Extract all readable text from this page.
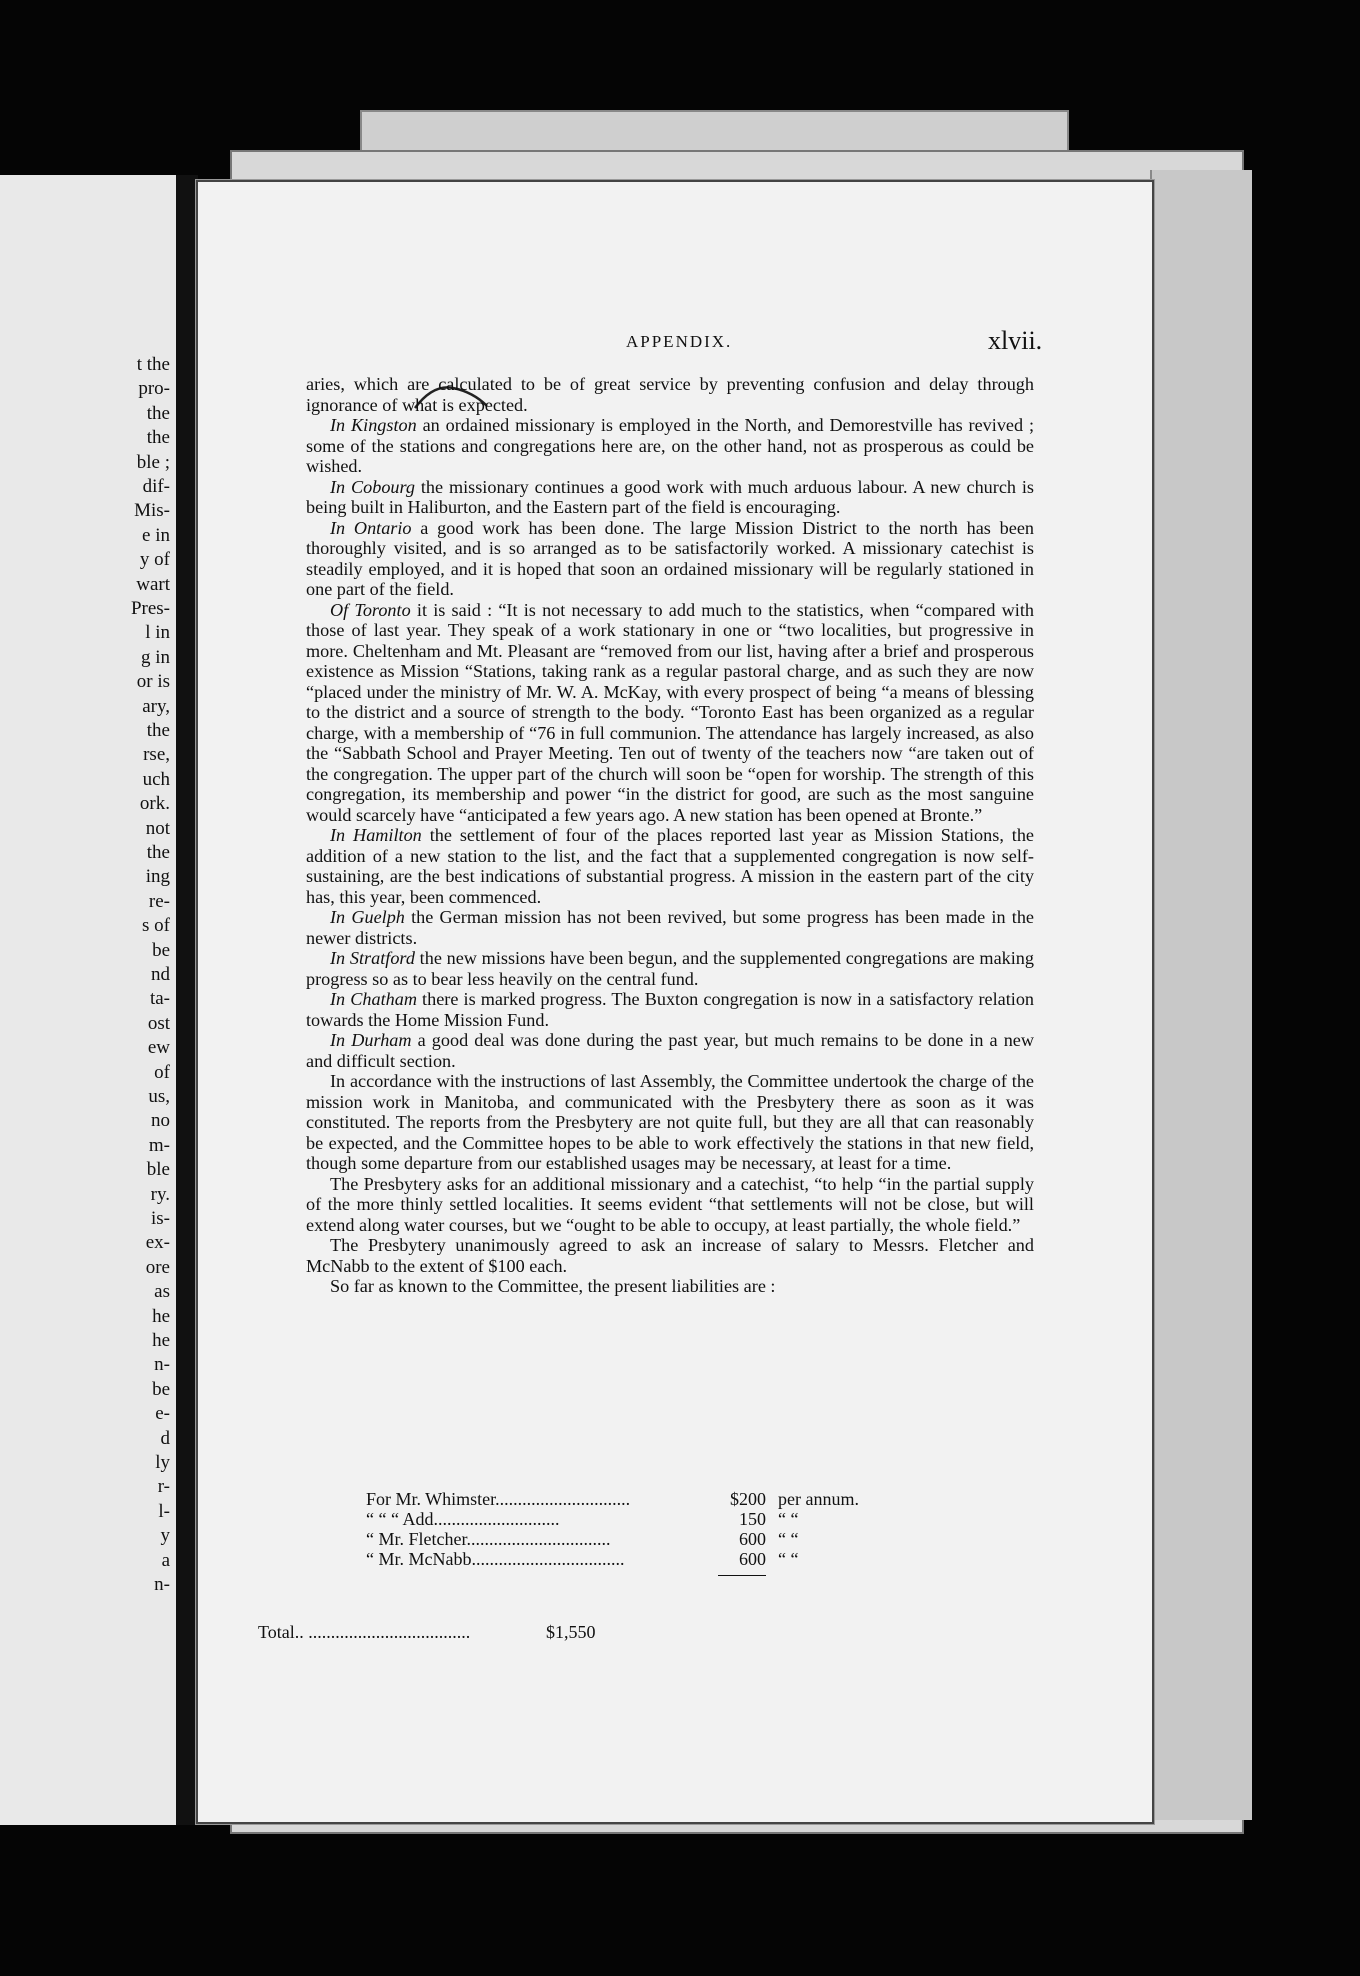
t the
pro-
the
the
ble ;
dif-
Mis-
e in
y of
wart
Pres-
l in
g in
or is
ary,
the
rse,
uch
ork.
not
the
ing
re-
s of
be
nd
ta-
ost
ew
of
us,
no
m-
ble
ry.
is-
ex-
ore
as
he
he
n-
be
e-
d
ly
r-
l-
y
a
n-
APPENDIX.	xlvii.

aries, which are calculated to be of great service by preventing confusion and delay through ignorance of what is expected.

In Kingston an ordained missionary is employed in the North, and Demorestville has revived ; some of the stations and congregations here are, on the other hand, not as prosperous as could be wished.

In Cobourg the missionary continues a good work with much arduous labour. A new church is being built in Haliburton, and the Eastern part of the field is encouraging.

In Ontario a good work has been done. The large Mission District to the north has been thoroughly visited, and is so arranged as to be satisfactorily worked. A missionary catechist is steadily employed, and it is hoped that soon an ordained missionary will be regularly stationed in one part of the field.

Of Toronto it is said : “It is not necessary to add much to the statistics, when “compared with those of last year. They speak of a work stationary in one or “two localities, but progressive in more. Cheltenham and Mt. Pleasant are “removed from our list, having after a brief and prosperous existence as Mission “Stations, taking rank as a regular pastoral charge, and as such they are now “placed under the ministry of Mr. W. A. McKay, with every prospect of being “a means of blessing to the district and a source of strength to the body. “Toronto East has been organized as a regular charge, with a membership of “76 in full communion. The attendance has largely increased, as also the “Sabbath School and Prayer Meeting. Ten out of twenty of the teachers now “are taken out of the congregation. The upper part of the church will soon be “open for worship. The strength of this congregation, its membership and power “in the district for good, are such as the most sanguine would scarcely have “anticipated a few years ago. A new station has been opened at Bronte.”

In Hamilton the settlement of four of the places reported last year as Mission Stations, the addition of a new station to the list, and the fact that a supplemented congregation is now self-sustaining, are the best indications of substantial progress. A mission in the eastern part of the city has, this year, been commenced.

In Guelph the German mission has not been revived, but some progress has been made in the newer districts.

In Stratford the new missions have been begun, and the supplemented congregations are making progress so as to bear less heavily on the central fund.

In Chatham there is marked progress. The Buxton congregation is now in a satisfactory relation towards the Home Mission Fund.

In Durham a good deal was done during the past year, but much remains to be done in a new and difficult section.

In accordance with the instructions of last Assembly, the Committee undertook the charge of the mission work in Manitoba, and communicated with the Presbytery there as soon as it was constituted. The reports from the Presbytery are not quite full, but they are all that can reasonably be expected, and the Committee hopes to be able to work effectively the stations in that new field, though some departure from our established usages may be necessary, at least for a time.

The Presbytery asks for an additional missionary and a catechist, “to help “in the partial supply of the more thinly settled localities. It seems evident “that settlements will not be close, but will extend along water courses, but we “ought to be able to occupy, at least partially, the whole field.”

The Presbytery unanimously agreed to ask an increase of salary to Messrs. Fletcher and McNabb to the extent of $100 each.

So far as known to the Committee, the present liabilities are :

For Mr. Whimster..............................	$200 per annum.
“ “ “ Add............................	150 “ “
“ Mr. Fletcher................................	600 “ “
“ Mr. McNabb..................................	600 “ “
Total.. ....................................	$1,550
